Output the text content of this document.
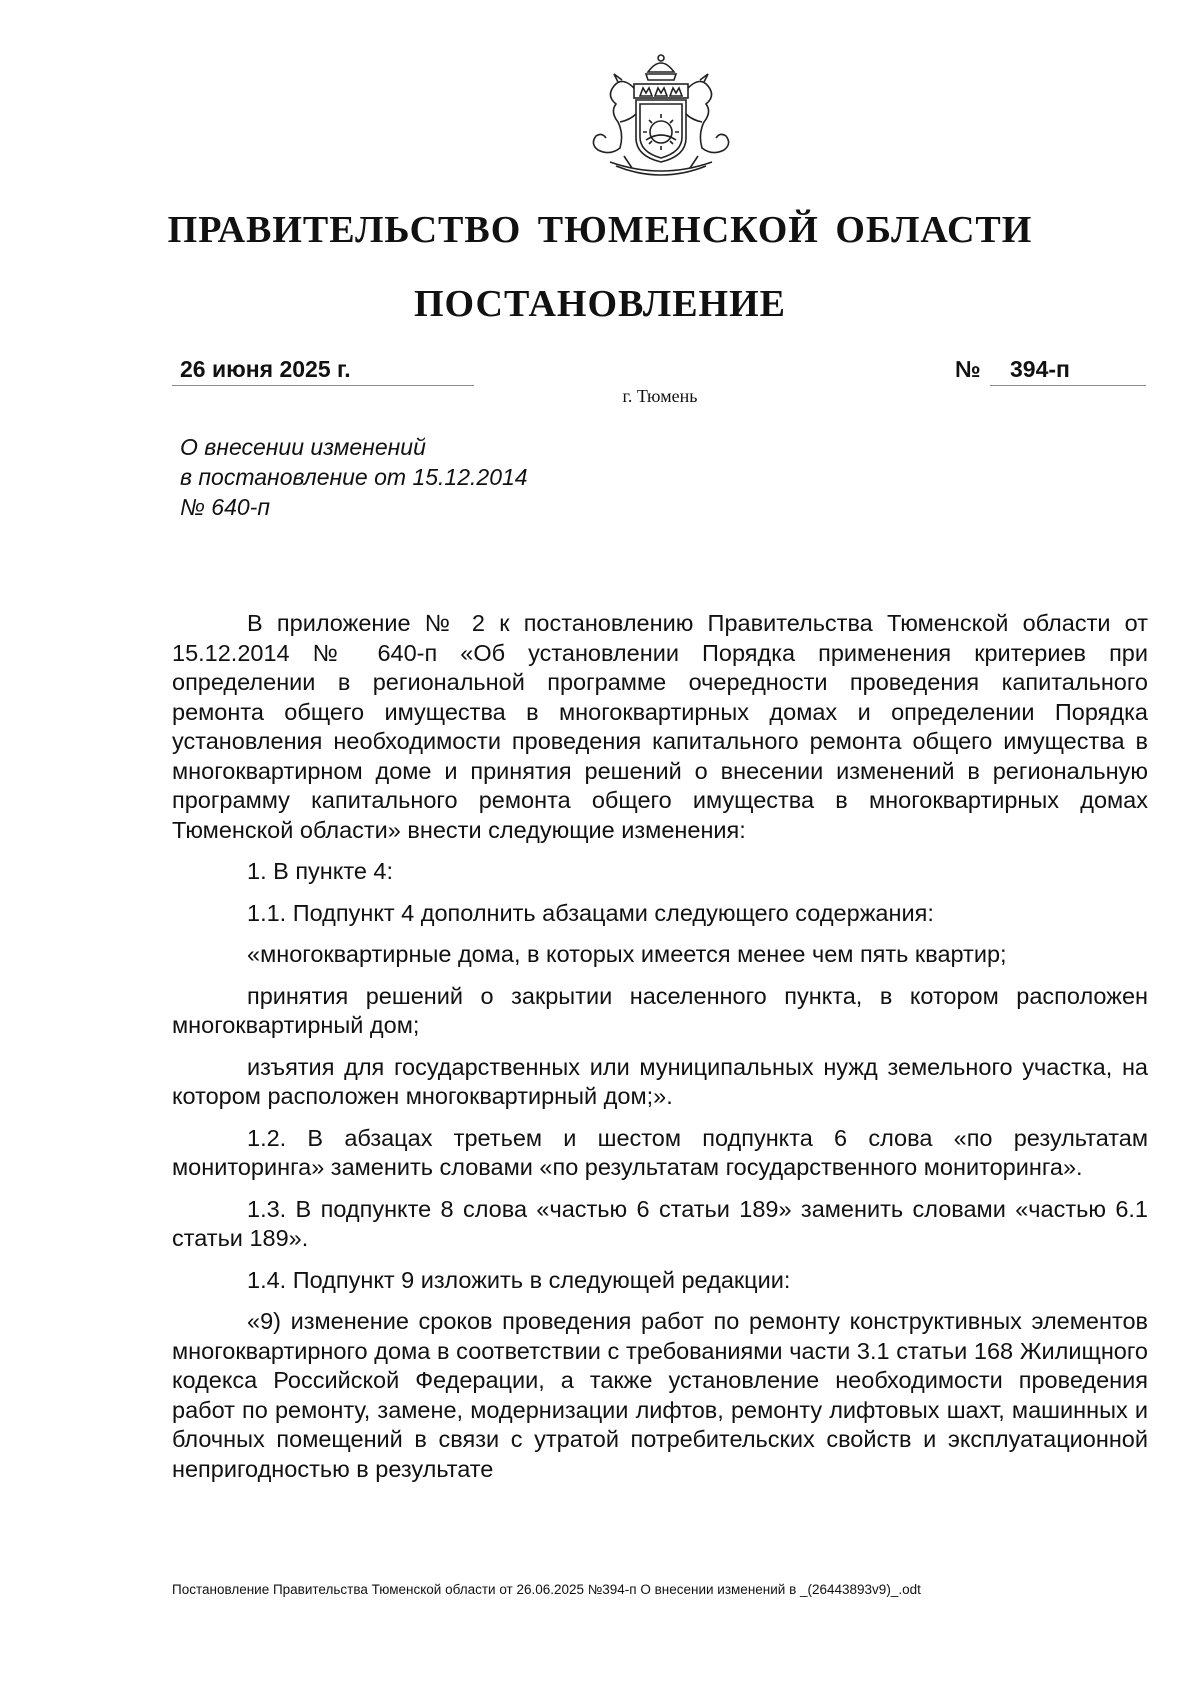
ПРАВИТЕЛЬСТВО ТЮМЕНСКОЙ ОБЛАСТИ
ПОСТАНОВЛЕНИЕ
26 июня 2025 г.	№	394-п
г. Тюмень
О внесении изменений
в постановление от 15.12.2014
№ 640-п

В приложение № 2 к постановлению Правительства Тюменской области от 15.12.2014 № 640-п «Об установлении Порядка применения критериев при определении в региональной программе очередности проведения капитального ремонта общего имущества в многоквартирных домах и определении Порядка установления необходимости проведения капитального ремонта общего имущества в многоквартирном доме и принятия решений о внесении изменений в региональную программу капитального ремонта общего имущества в многоквартирных домах Тюменской области» внести следующие изменения:

1. В пункте 4:

1.1. Подпункт 4 дополнить абзацами следующего содержания:

«многоквартирные дома, в которых имеется менее чем пять квартир;

принятия решений о закрытии населенного пункта, в котором расположен многоквартирный дом;

изъятия для государственных или муниципальных нужд земельного участка, на котором расположен многоквартирный дом;».

1.2. В абзацах третьем и шестом подпункта 6 слова «по результатам мониторинга» заменить словами «по результатам государственного мониторинга».

1.3. В подпункте 8 слова «частью 6 статьи 189» заменить словами «частью 6.1 статьи 189».

1.4. Подпункт 9 изложить в следующей редакции:

«9) изменение сроков проведения работ по ремонту конструктивных элементов многоквартирного дома в соответствии с требованиями части 3.1 статьи 168 Жилищного кодекса Российской Федерации, а также установление необходимости проведения работ по ремонту, замене, модернизации лифтов, ремонту лифтовых шахт, машинных и блочных помещений в связи с утратой потребительских свойств и эксплуатационной непригодностью в результате

Постановление Правительства Тюменской области от 26.06.2025 №394-п О внесении изменений в _(26443893v9)_.odt
